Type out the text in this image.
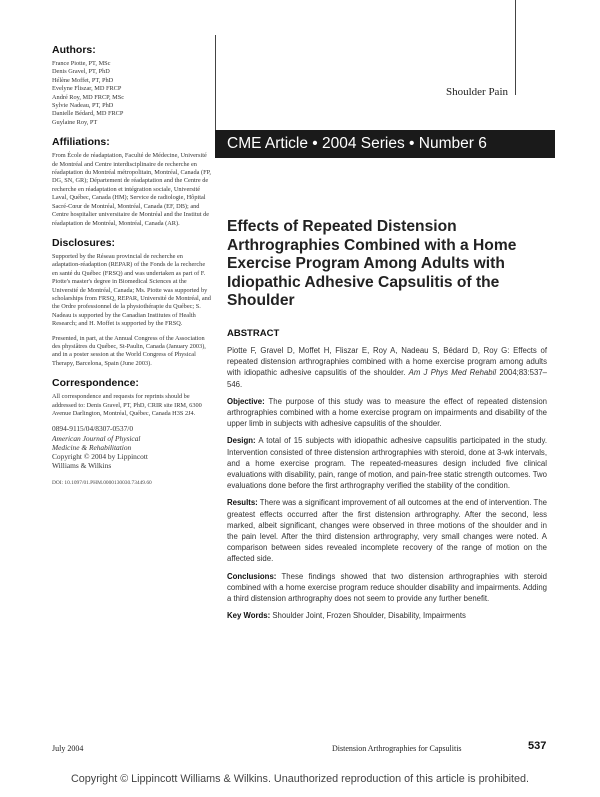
Authors:
France Piotte, PT, MSc
Denis Gravel, PT, PhD
Hélène Moffet, PT, PhD
Evelyne Fliszar, MD FRCP
André Roy, MD FRCP, MSc
Sylvie Nadeau, PT, PhD
Danielle Bédard, MD FRCP
Guylaine Roy, PT
Affiliations:
From École de réadaptation, Faculté de Médecine, Université de Montréal and Centre interdisciplinaire de recherche en réadaptation du Montréal métropolitain, Montréal, Canada (FP, DG, SN, GR); Département de réadaptation and the Centre de recherche en réadaptation et intégration sociale, Université Laval, Québec, Canada (HM); Service de radiologie, Hôpital Sacré-Cœur de Montréal, Montréal, Canada (EF, DB); and Centre hospitalier universitaire de Montréal and the Institut de réadaptation de Montréal, Montréal, Canada (AR).
Disclosures:

Supported by the Réseau provincial de recherche en adaptation-réadaption (REPAR) of the Fonds de la recherche en santé du Québec (FRSQ) and was undertaken as part of F. Piotte's master's degree in Biomedical Sciences at the Université de Montréal, Canada; Ms. Piotte was supported by scholarships from FRSQ, REPAR, Université de Montréal, and the Ordre professionnel de la physiothérapie du Québec; S. Nadeau is supported by the Canadian Institutes of Health Research; and H. Moffet is supported by the FRSQ.

Presented, in part, at the Annual Congress of the Association des physiâtres du Québec, St-Paulin, Canada (January 2003), and in a poster session at the World Congress of Physical Therapy, Barcelona, Spain (June 2003).

Correspondence:
All correspondence and requests for reprints should be addressed to: Denis Gravel, PT, PhD, CRIR site IRM, 6300 Avenue Darlington, Montréal, Québec, Canada H3S 2J4.
0894-9115/04/8307-0537/0
American Journal of Physical
Medicine & Rehabilitation
Copyright © 2004 by Lippincott
Williams & Wilkins
DOI: 10.1097/01.PHM.0000130030.73449.60
Shoulder Pain
CME Article • 2004 Series • Number 6
Effects of Repeated Distension Arthrographies Combined with a Home Exercise Program Among Adults with Idiopathic Adhesive Capsulitis of the Shoulder
ABSTRACT

Piotte F, Gravel D, Moffet H, Fliszar E, Roy A, Nadeau S, Bédard D, Roy G: Effects of repeated distension arthrographies combined with a home exercise program among adults with idiopathic adhesive capsulitis of the shoulder. Am J Phys Med Rehabil 2004;83:537–546.

Objective: The purpose of this study was to measure the effect of repeated distension arthrographies combined with a home exercise program on impairments and disability of the upper limb in subjects with adhesive capsulitis of the shoulder.

Design: A total of 15 subjects with idiopathic adhesive capsulitis participated in the study. Intervention consisted of three distension arthrographies with steroid, done at 3-wk intervals, and a home exercise program. The repeated-measures design included five clinical evaluations with disability, pain, range of motion, and pain-free static strength outcomes. Two evaluations done before the first arthrography verified the stability of the condition.

Results: There was a significant improvement of all outcomes at the end of intervention. The greatest effects occurred after the first distension arthrography. After the second, less marked, albeit significant, changes were observed in three motions of the shoulder and in the pain level. After the third distension arthrography, very small changes were noted. A comparison between sides revealed incomplete recovery of the range of motion on the affected side.

Conclusions: These findings showed that two distension arthrographies with steroid combined with a home exercise program reduce shoulder disability and impairments. Adding a third distension arthrography does not seem to provide any further benefit.

Key Words: Shoulder Joint, Frozen Shoulder, Disability, Impairments

July 2004	Distension Arthrographies for Capsulitis	537
Copyright © Lippincott Williams & Wilkins. Unauthorized reproduction of this article is prohibited.
